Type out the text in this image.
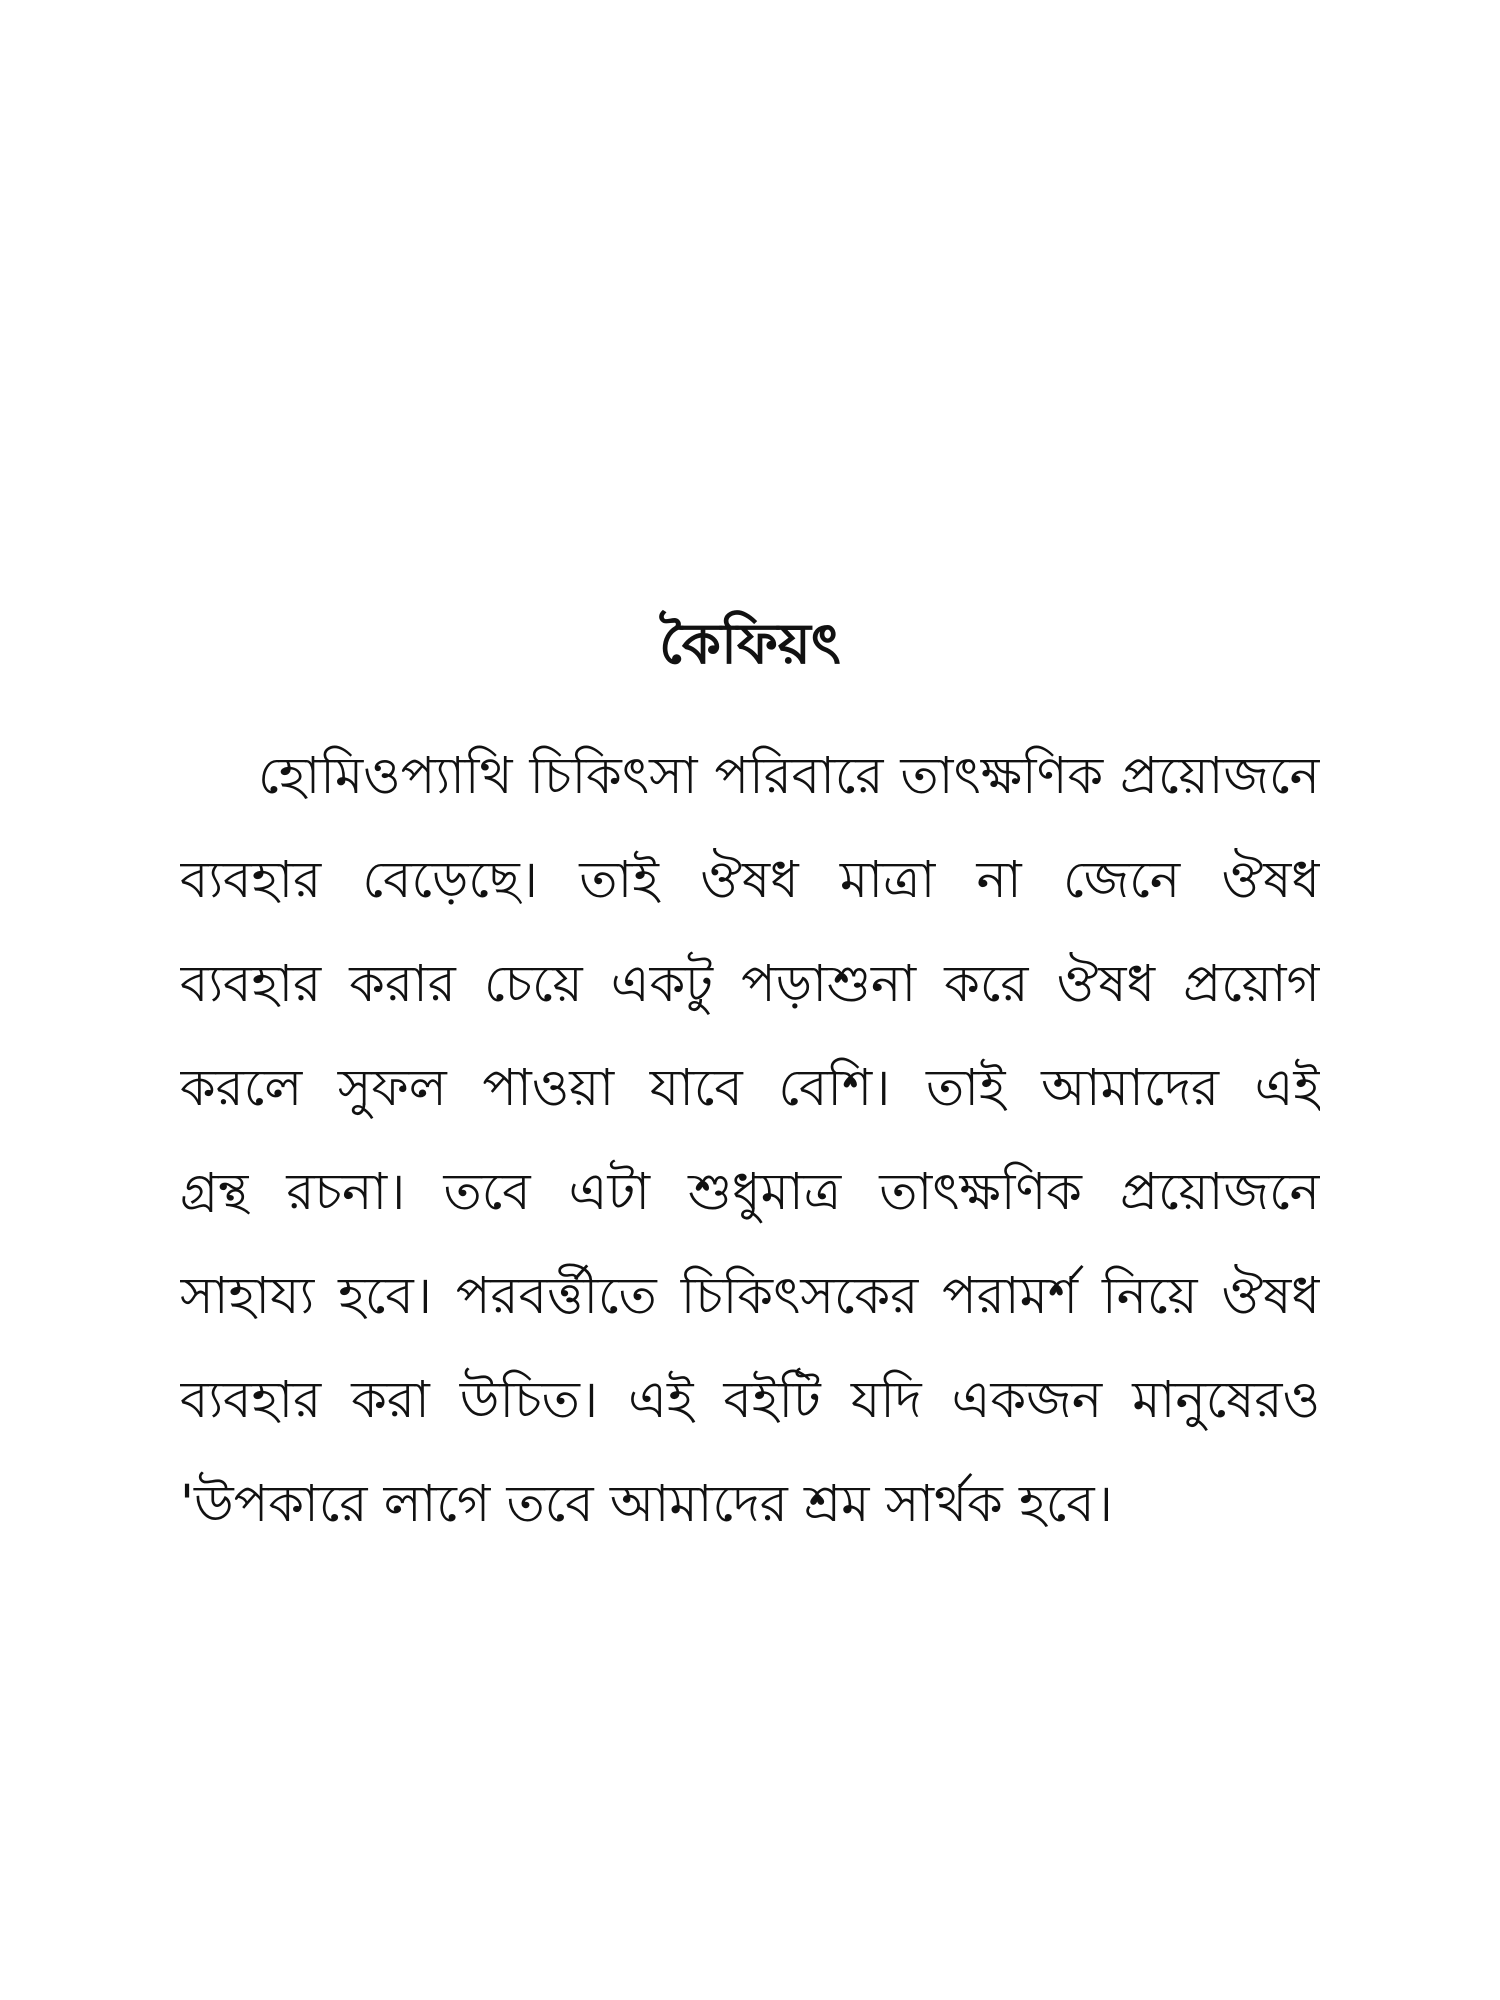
কৈফিয়ৎ
হোমিওপ্যাথি চিকিৎসা পরিবারে তাৎক্ষণিক প্রয়োজনে
ব্যবহার বেড়েছে। তাই ঔষধ মাত্রা না জেনে ঔষধ
ব্যবহার করার চেয়ে একটু পড়াশুনা করে ঔষধ প্রয়োগ
করলে সুফল পাওয়া যাবে বেশি। তাই আমাদের এই
গ্রন্থ রচনা। তবে এটা শুধুমাত্র তাৎক্ষণিক প্রয়োজনে
সাহায্য হবে। পরবর্ত্তীতে চিকিৎসকের পরামর্শ নিয়ে ঔষধ
ব্যবহার করা উচিত। এই বইটি যদি একজন মানুষেরও
'উপকারে লাগে তবে আমাদের শ্রম সার্থক হবে।
